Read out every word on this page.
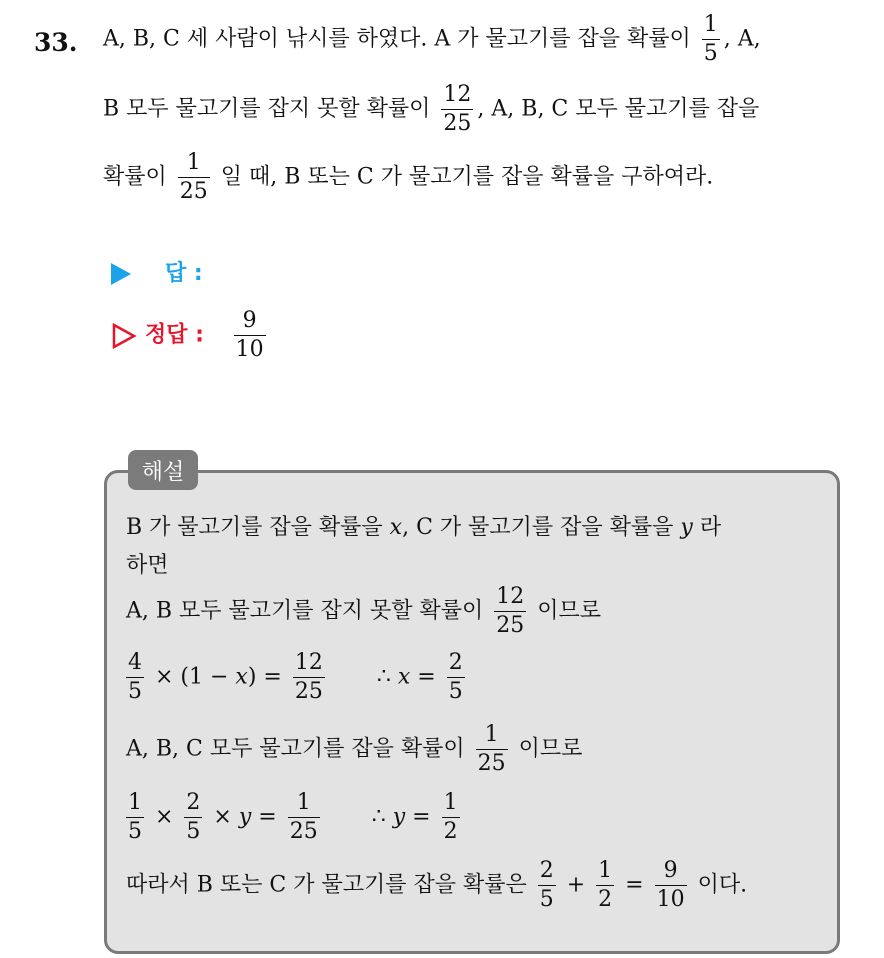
33. A, B, C 세 사람이 낚시를 하였다. A 가 물고기를 잡을 확률이 $\frac{1}{5}$ , A,
B 모두 물고기를 잡지 못할 확률이 $\frac{12}{25}$ , A, B, C 모두 물고기를 잡을
확률이 $\frac{1}{25}$ 일 때, B 또는 C 가 물고기를 잡을 확률을 구하여라.
답 :
정답 : $\frac{9}{10}$
해설
B 가 물고기를 잡을 확률을 x, C 가 물고기를 잡을 확률을 y 라
하면
A, B 모두 물고기를 잡지 못할 확률이 $\frac{12}{25}$ 이므로
$\frac{4}{5} \times (1 - x) = \frac{12}{25}$ ∴ $x = \frac{2}{5}$
A, B, C 모두 물고기를 잡을 확률이 $\frac{1}{25}$ 이므로
$\frac{1}{5} \times \frac{2}{5} \times y = \frac{1}{25}$ ∴ $y = \frac{1}{2}$
따라서 B 또는 C 가 물고기를 잡을 확률은 $\frac{2}{5} + \frac{1}{2} = \frac{9}{10}$ 이다.
